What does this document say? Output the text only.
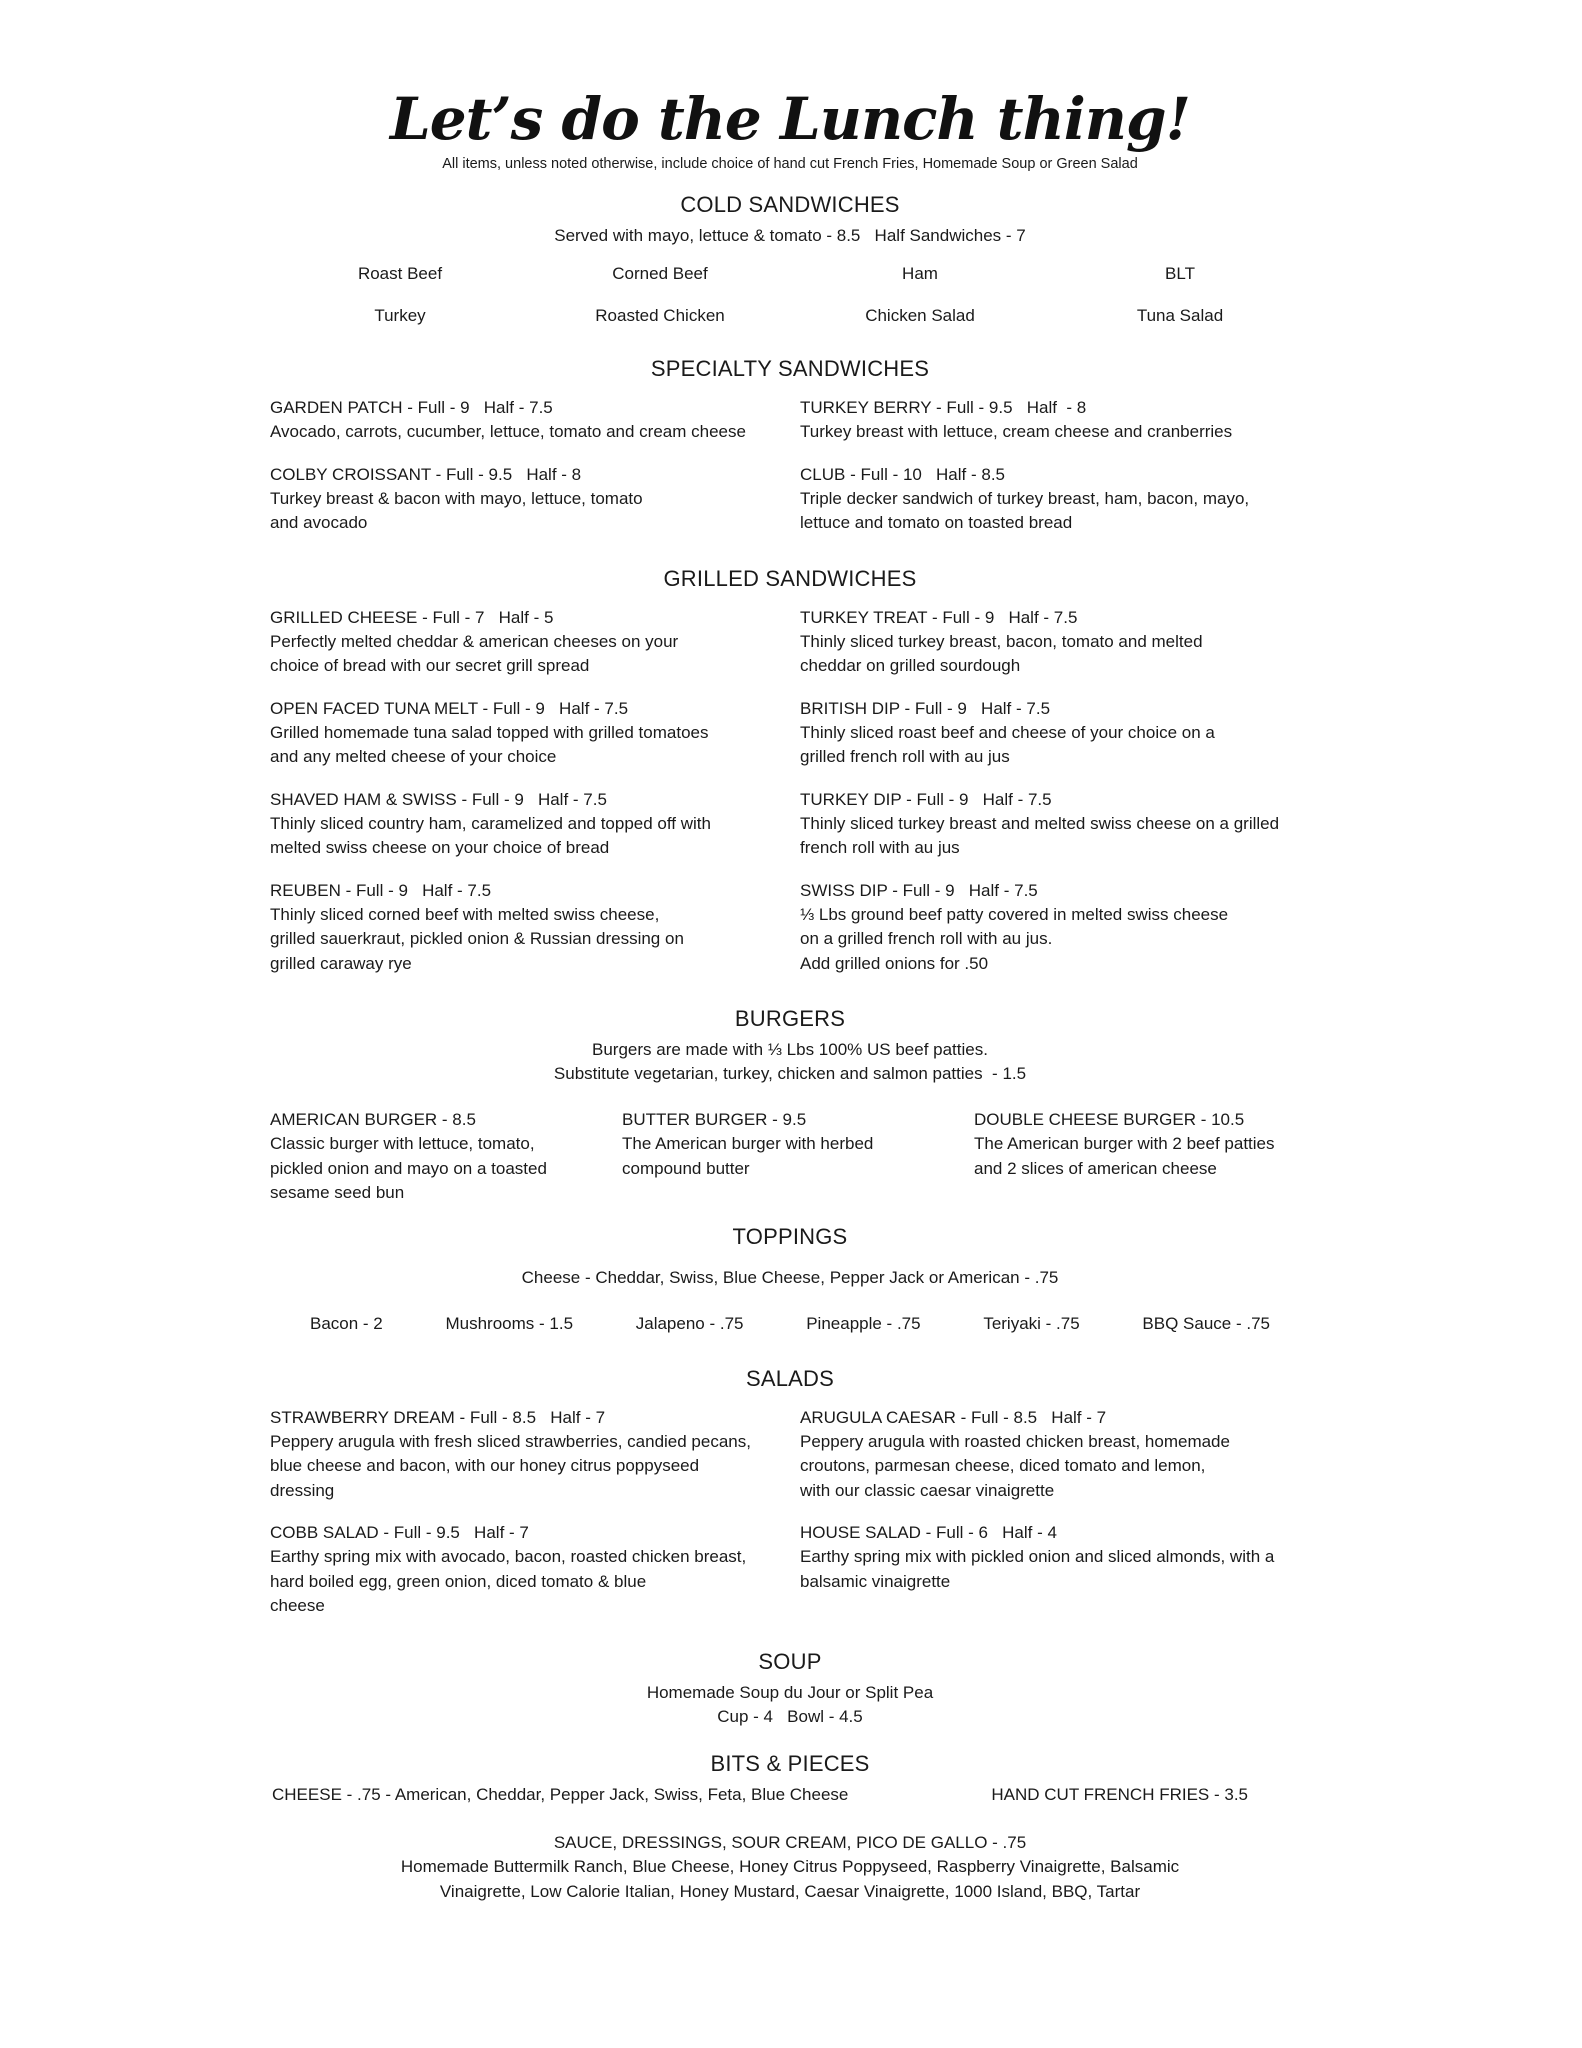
Let’s do the Lunch thing!
All items, unless noted otherwise, include choice of hand cut French Fries, Homemade Soup or Green Salad
COLD SANDWICHES
Served with mayo, lettuce & tomato - 8.5   Half Sandwiches - 7
Roast Beef	Corned Beef	Ham	BLT
Turkey	Roasted Chicken	Chicken Salad	Tuna Salad
SPECIALTY SANDWICHES
GARDEN PATCH - Full - 9   Half - 7.5
Avocado, carrots, cucumber, lettuce, tomato and cream cheese
TURKEY BERRY - Full - 9.5   Half  - 8
Turkey breast with lettuce, cream cheese and cranberries
COLBY CROISSANT - Full - 9.5   Half - 8
Turkey breast & bacon with mayo, lettuce, tomato
and avocado
CLUB - Full - 10   Half - 8.5
Triple decker sandwich of turkey breast, ham, bacon, mayo,
lettuce and tomato on toasted bread
GRILLED SANDWICHES
GRILLED CHEESE - Full - 7   Half - 5
Perfectly melted cheddar & american cheeses on your
choice of bread with our secret grill spread
TURKEY TREAT - Full - 9   Half - 7.5
Thinly sliced turkey breast, bacon, tomato and melted
cheddar on grilled sourdough
OPEN FACED TUNA MELT - Full - 9   Half - 7.5
Grilled homemade tuna salad topped with grilled tomatoes
and any melted cheese of your choice
BRITISH DIP - Full - 9   Half - 7.5
Thinly sliced roast beef and cheese of your choice on a
grilled french roll with au jus
SHAVED HAM & SWISS - Full - 9   Half - 7.5
Thinly sliced country ham, caramelized and topped off with
melted swiss cheese on your choice of bread
TURKEY DIP - Full - 9   Half - 7.5
Thinly sliced turkey breast and melted swiss cheese on a grilled
french roll with au jus
REUBEN - Full - 9   Half - 7.5
Thinly sliced corned beef with melted swiss cheese,
grilled sauerkraut, pickled onion & Russian dressing on
grilled caraway rye
SWISS DIP - Full - 9   Half - 7.5
⅓ Lbs ground beef patty covered in melted swiss cheese
on a grilled french roll with au jus.
Add grilled onions for .50
BURGERS
Burgers are made with ⅓ Lbs 100% US beef patties.
Substitute vegetarian, turkey, chicken and salmon patties  - 1.5
AMERICAN BURGER - 8.5
Classic burger with lettuce, tomato,
pickled onion and mayo on a toasted
sesame seed bun
BUTTER BURGER - 9.5
The American burger with herbed
compound butter
DOUBLE CHEESE BURGER - 10.5
The American burger with 2 beef patties
and 2 slices of american cheese
TOPPINGS
Cheese - Cheddar, Swiss, Blue Cheese, Pepper Jack or American - .75
Bacon - 2	Mushrooms - 1.5	Jalapeno - .75	Pineapple - .75	Teriyaki - .75	BBQ Sauce - .75
SALADS
STRAWBERRY DREAM - Full - 8.5   Half - 7
Peppery arugula with fresh sliced strawberries, candied pecans,
blue cheese and bacon, with our honey citrus poppyseed
dressing
ARUGULA CAESAR - Full - 8.5   Half - 7
Peppery arugula with roasted chicken breast, homemade
croutons, parmesan cheese, diced tomato and lemon,
with our classic caesar vinaigrette
COBB SALAD - Full - 9.5   Half - 7
Earthy spring mix with avocado, bacon, roasted chicken breast,
hard boiled egg, green onion, diced tomato & blue
cheese
HOUSE SALAD - Full - 6   Half - 4
Earthy spring mix with pickled onion and sliced almonds, with a
balsamic vinaigrette
SOUP
Homemade Soup du Jour or Split Pea
Cup - 4   Bowl - 4.5
BITS & PIECES
CHEESE - .75 - American, Cheddar, Pepper Jack, Swiss, Feta, Blue Cheese	HAND CUT FRENCH FRIES - 3.5
SAUCE, DRESSINGS, SOUR CREAM, PICO DE GALLO - .75
Homemade Buttermilk Ranch, Blue Cheese, Honey Citrus Poppyseed, Raspberry Vinaigrette, Balsamic
Vinaigrette, Low Calorie Italian, Honey Mustard, Caesar Vinaigrette, 1000 Island, BBQ, Tartar
